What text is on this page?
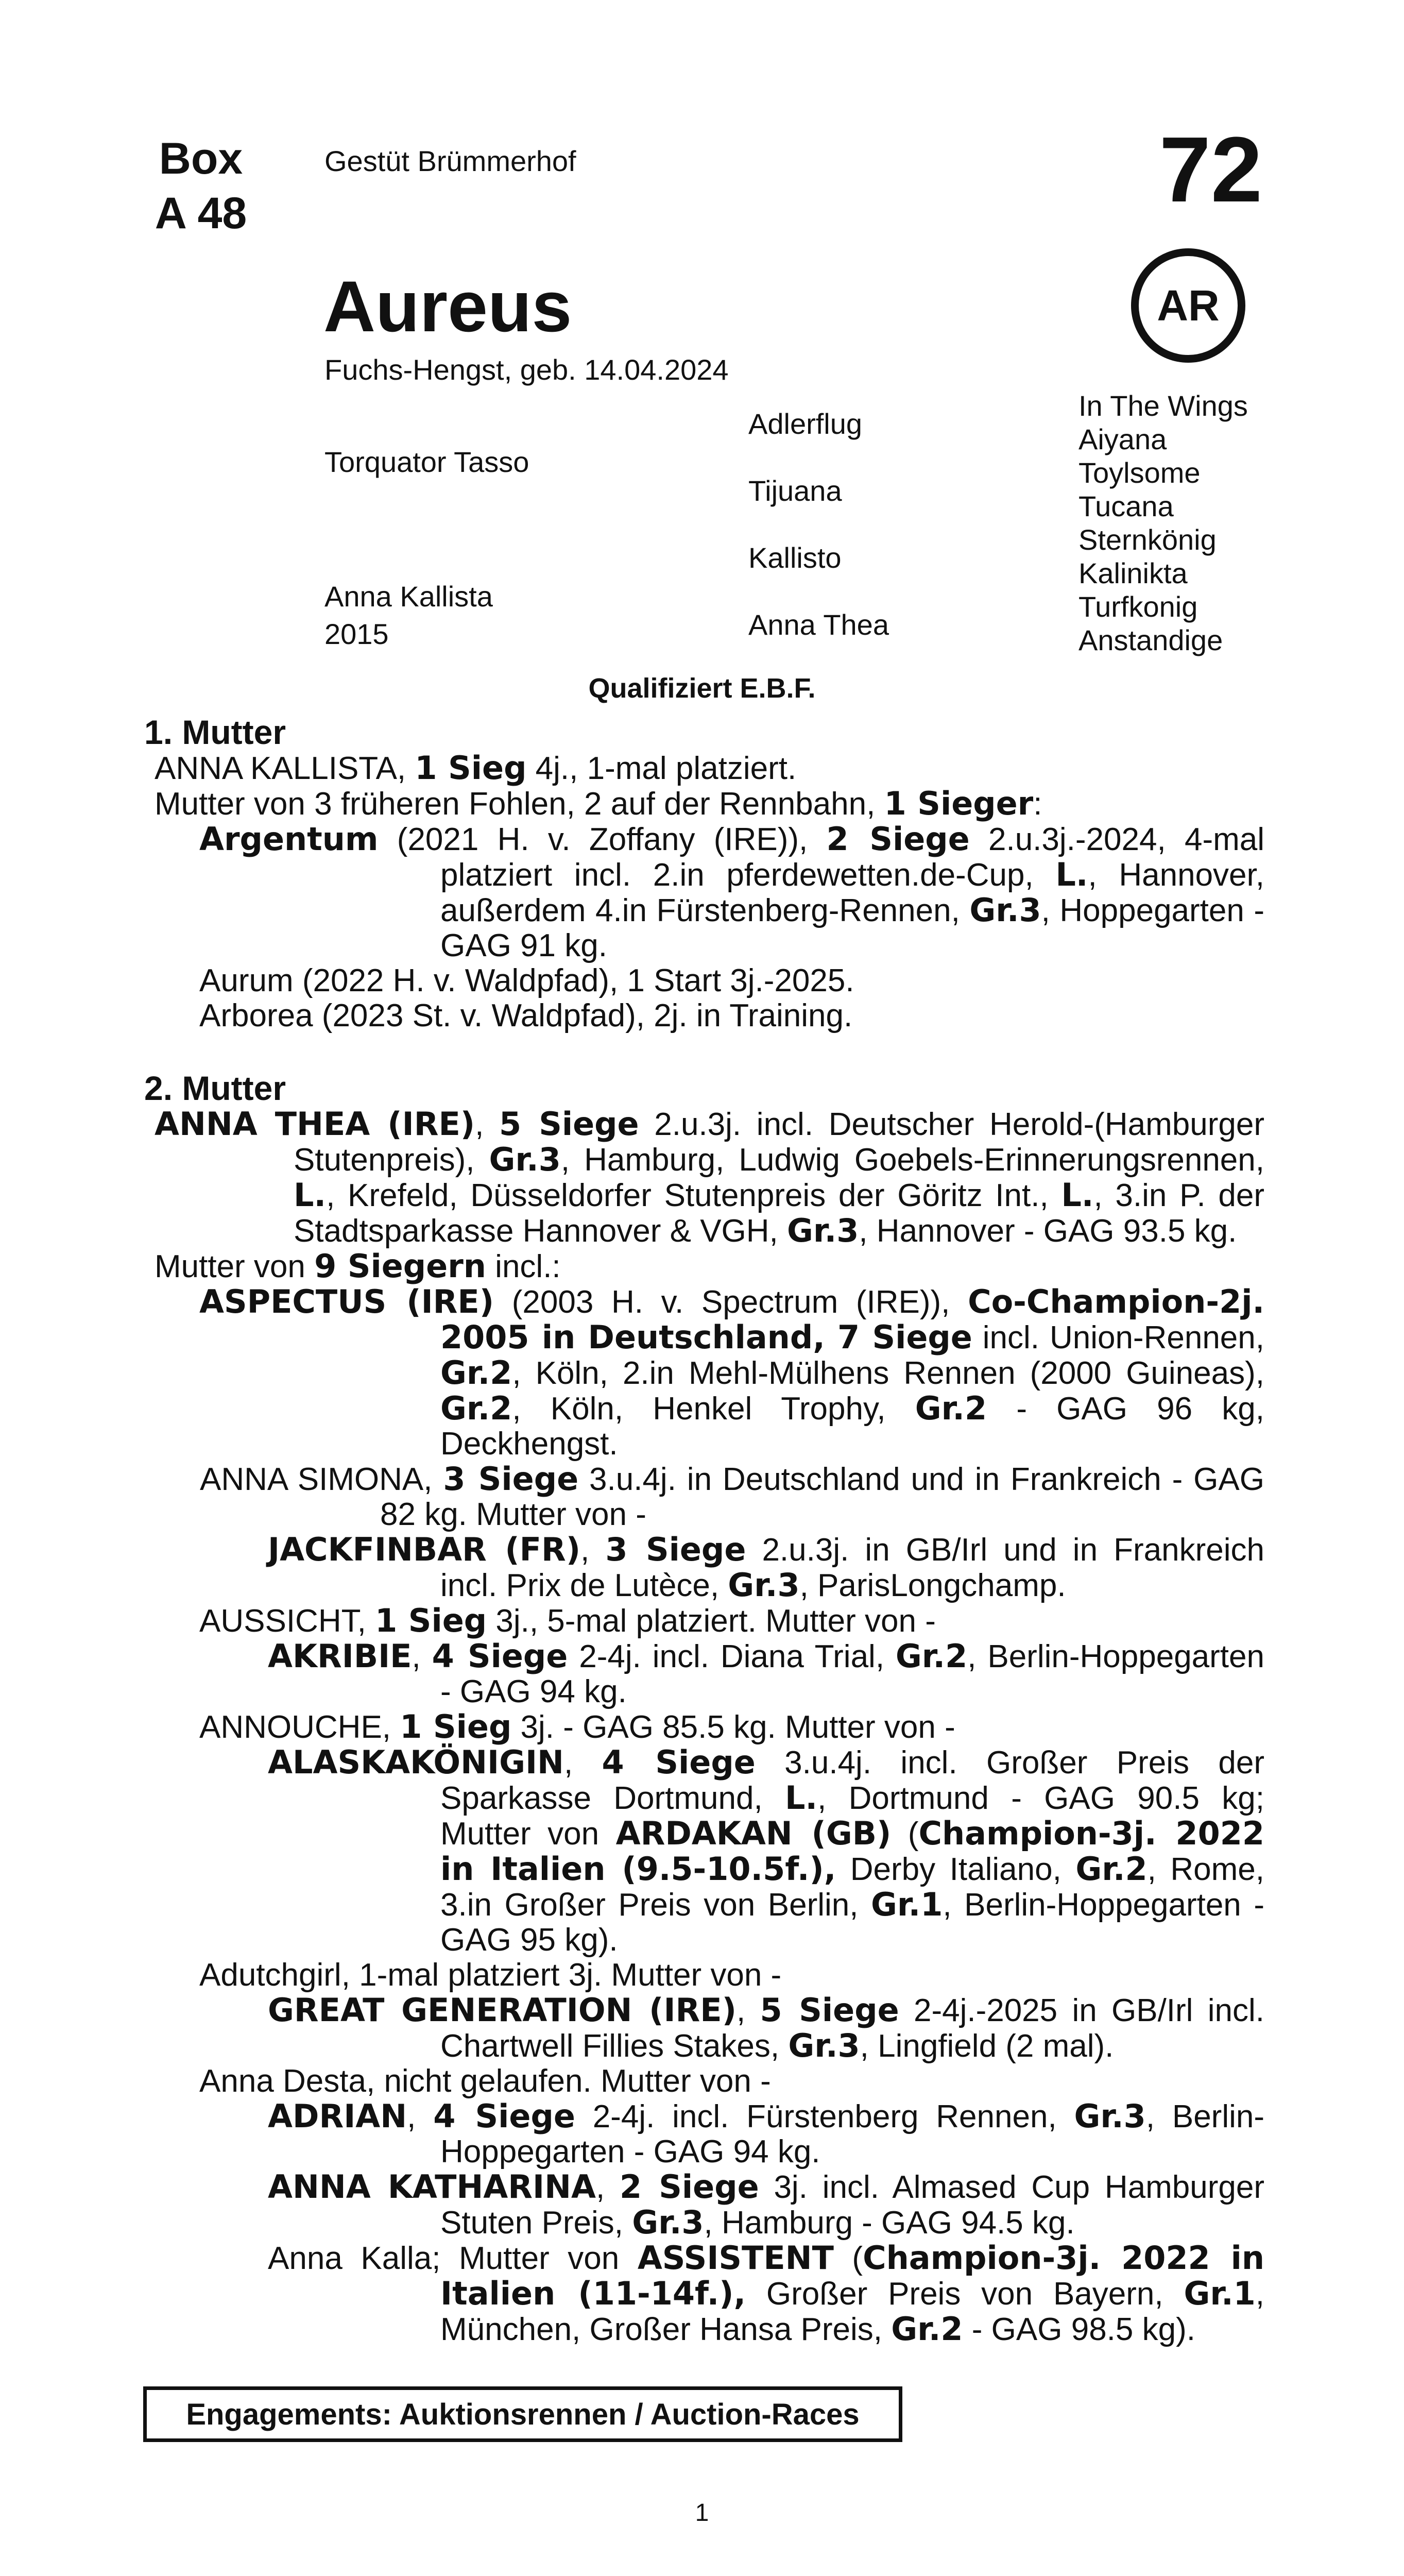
Box
A 48
Gestüt Brümmerhof	72
AR
Aureus
Fuchs-Hengst, geb. 14.04.2024
Torquator Tasso
Anna Kallista
2015
Adlerflug
Tijuana
Kallisto
Anna Thea
In The Wings
Aiyana
Toylsome
Tucana
Sternkönig
Kalinikta
Turfkonig
Anstandige
Qualifiziert E.B.F.

1. Mutter

ANNA KALLISTA, 1 Sieg 4j., 1-mal platziert.

Mutter von 3 früheren Fohlen, 2 auf der Rennbahn, 1 Sieger:

Argentum (2021 H. v. Zoffany (IRE)), 2 Siege 2.u.3j.-2024, 4-mal platziert incl. 2.in pferdewetten.de-Cup, L., Hannover, außerdem 4.in Fürstenberg-Rennen, Gr.3, Hoppegarten - GAG 91 kg.

Aurum (2022 H. v. Waldpfad), 1 Start 3j.-2025.

Arborea (2023 St. v. Waldpfad), 2j. in Training.

2. Mutter

ANNA THEA (IRE), 5 Siege 2.u.3j. incl. Deutscher Herold-(Hamburger Stutenpreis), Gr.3, Hamburg, Ludwig Goebels-Erinnerungsrennen, L., Krefeld, Düsseldorfer Stutenpreis der Göritz Int., L., 3.in P. der Stadtsparkasse Hannover & VGH, Gr.3, Hannover - GAG 93.5 kg.

Mutter von 9 Siegern incl.:

ASPECTUS (IRE) (2003 H. v. Spectrum (IRE)), Co-Champion-2j. 2005 in Deutschland, 7 Siege incl. Union-Rennen, Gr.2, Köln, 2.in Mehl-Mülhens Rennen (2000 Guineas), Gr.2, Köln, Henkel Trophy, Gr.2 - GAG 96 kg, Deckhengst.

ANNA SIMONA, 3 Siege 3.u.4j. in Deutschland und in Frankreich - GAG 82 kg. Mutter von -

JACKFINBAR (FR), 3 Siege 2.u.3j. in GB/Irl und in Frankreich incl. Prix de Lutèce, Gr.3, ParisLongchamp.

AUSSICHT, 1 Sieg 3j., 5-mal platziert. Mutter von -

AKRIBIE, 4 Siege 2-4j. incl. Diana Trial, Gr.2, Berlin-Hoppegarten - GAG 94 kg.

ANNOUCHE, 1 Sieg 3j. - GAG 85.5 kg. Mutter von -

ALASKAKÖNIGIN, 4 Siege 3.u.4j. incl. Großer Preis der Sparkasse Dortmund, L., Dortmund - GAG 90.5 kg; Mutter von ARDAKAN (GB) (Champion-3j. 2022 in Italien (9.5-10.5f.), Derby Italiano, Gr.2, Rome, 3.in Großer Preis von Berlin, Gr.1, Berlin-Hoppegarten - GAG 95 kg).

Adutchgirl, 1-mal platziert 3j. Mutter von -

GREAT GENERATION (IRE), 5 Siege 2-4j.-2025 in GB/Irl incl. Chartwell Fillies Stakes, Gr.3, Lingfield (2 mal).

Anna Desta, nicht gelaufen. Mutter von -

ADRIAN, 4 Siege 2-4j. incl. Fürstenberg Rennen, Gr.3, Berlin-Hoppegarten - GAG 94 kg.

ANNA KATHARINA, 2 Siege 3j. incl. Almased Cup Hamburger Stuten Preis, Gr.3, Hamburg - GAG 94.5 kg.

Anna Kalla; Mutter von ASSISTENT (Champion-3j. 2022 in Italien (11-14f.), Großer Preis von Bayern, Gr.1, München, Großer Hansa Preis, Gr.2 - GAG 98.5 kg).

Engagements: Auktionsrennen / Auction-Races
1
